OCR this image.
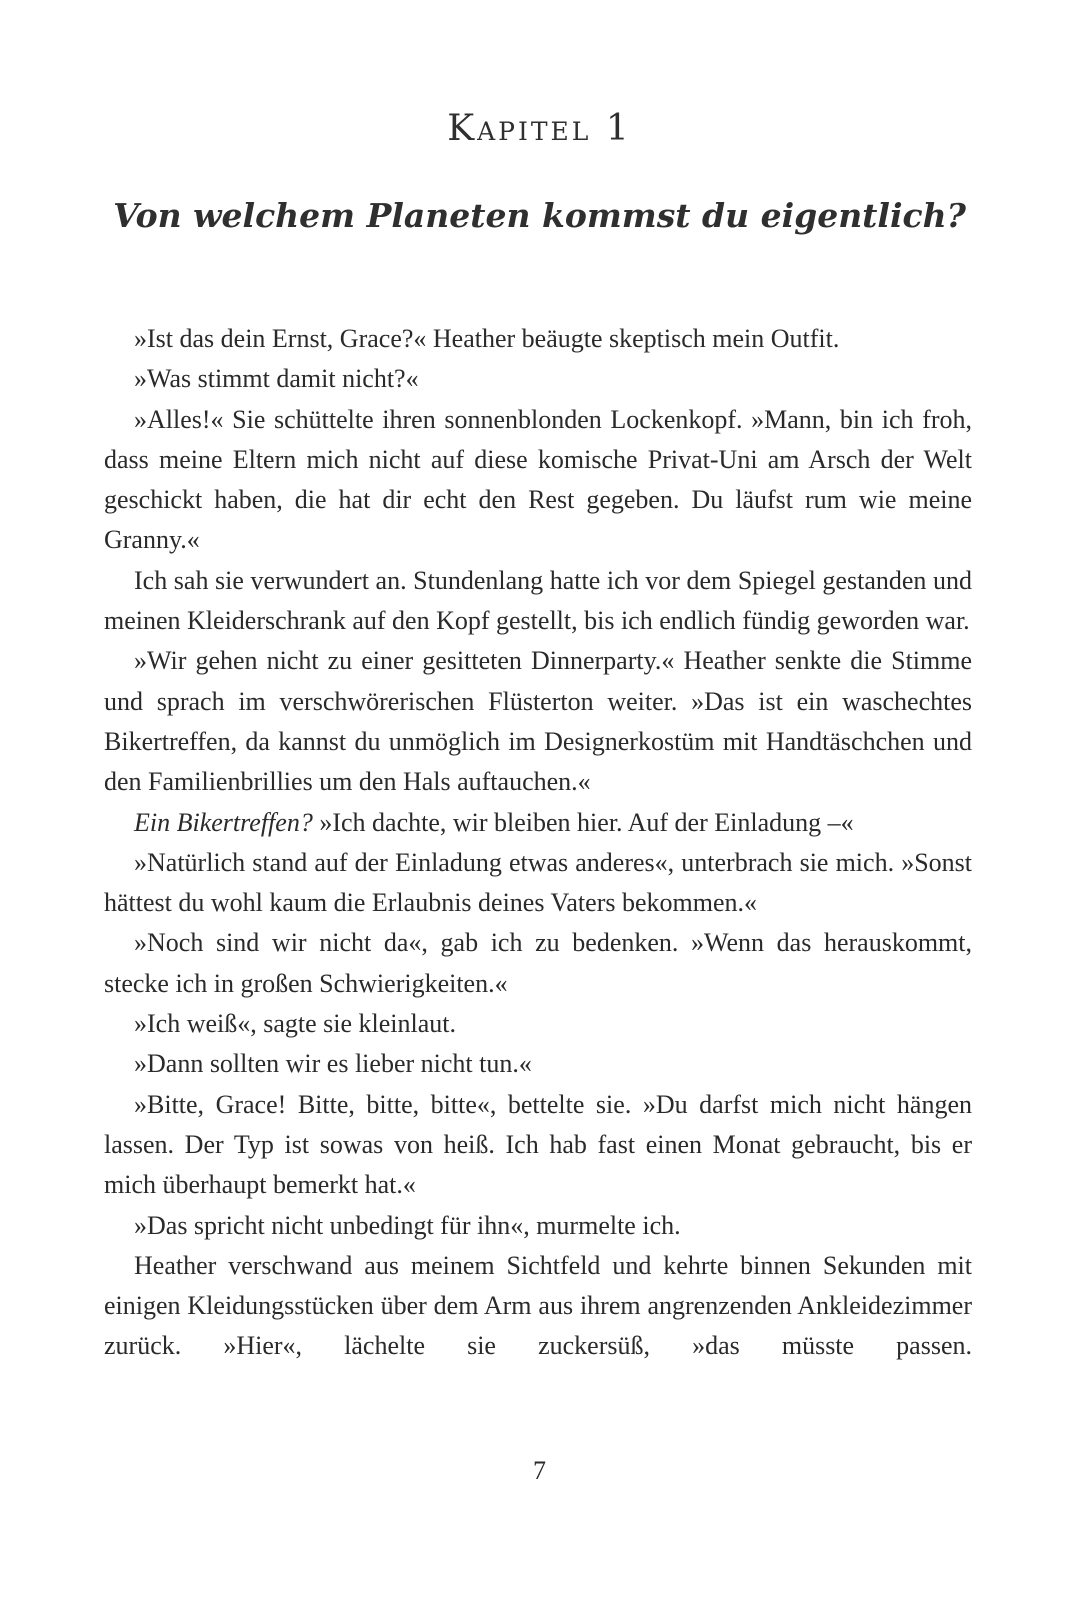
Kapitel 1
Von welchem Planeten kommst du eigentlich?

»Ist das dein Ernst, Grace?« Heather beäugte skeptisch mein Outfit.

»Was stimmt damit nicht?«

»Alles!« Sie schüttelte ihren sonnenblonden Lockenkopf. »Mann, bin ich froh, dass meine Eltern mich nicht auf diese komische Privat-Uni am Arsch der Welt geschickt haben, die hat dir echt den Rest gegeben. Du läufst rum wie meine Granny.«

Ich sah sie verwundert an. Stundenlang hatte ich vor dem Spiegel gestanden und meinen Kleiderschrank auf den Kopf gestellt, bis ich endlich fündig geworden war.

»Wir gehen nicht zu einer gesitteten Dinnerparty.« Heather senkte die Stimme und sprach im verschwörerischen Flüsterton weiter. »Das ist ein waschechtes Bikertreffen, da kannst du unmöglich im Designerkostüm mit Handtäschchen und den Familienbrillies um den Hals auftauchen.«

Ein Bikertreffen? »Ich dachte, wir bleiben hier. Auf der Einladung –«

»Natürlich stand auf der Einladung etwas anderes«, unterbrach sie mich. »Sonst hättest du wohl kaum die Erlaubnis deines Vaters bekommen.«

»Noch sind wir nicht da«, gab ich zu bedenken. »Wenn das herauskommt, stecke ich in großen Schwierigkeiten.«

»Ich weiß«, sagte sie kleinlaut.

»Dann sollten wir es lieber nicht tun.«

»Bitte, Grace! Bitte, bitte, bitte«, bettelte sie. »Du darfst mich nicht hängen lassen. Der Typ ist sowas von heiß. Ich hab fast einen Monat gebraucht, bis er mich überhaupt bemerkt hat.«

»Das spricht nicht unbedingt für ihn«, murmelte ich.

Heather verschwand aus meinem Sichtfeld und kehrte binnen Sekunden mit einigen Kleidungsstücken über dem Arm aus ihrem angrenzenden Ankleidezimmer zurück. »Hier«, lächelte sie zuckersüß, »das müsste passen.

7
